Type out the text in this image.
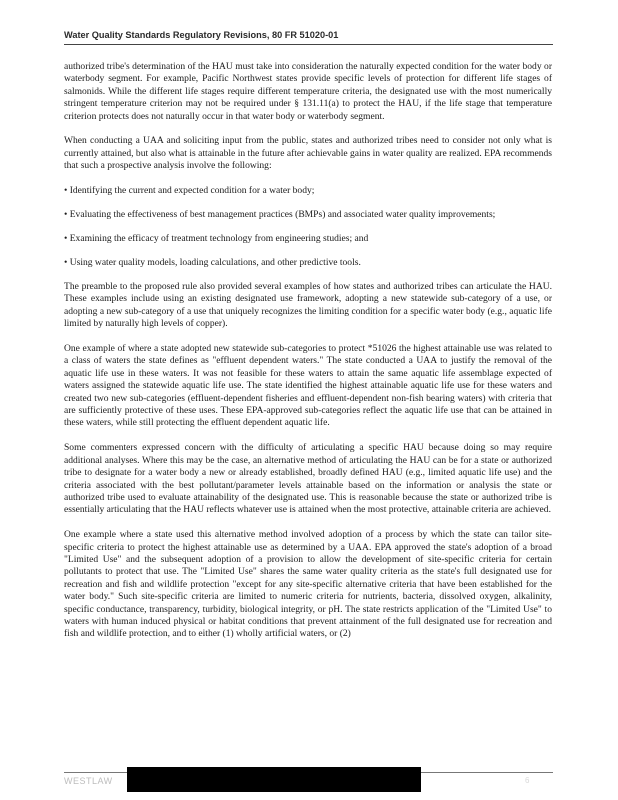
Water Quality Standards Regulatory Revisions, 80 FR 51020-01

authorized tribe's determination of the HAU must take into consideration the naturally expected condition for the water body or waterbody segment. For example, Pacific Northwest states provide specific levels of protection for different life stages of salmonids. While the different life stages require different temperature criteria, the designated use with the most numerically stringent temperature criterion may not be required under § 131.11(a) to protect the HAU, if the life stage that temperature criterion protects does not naturally occur in that water body or waterbody segment.

When conducting a UAA and soliciting input from the public, states and authorized tribes need to consider not only what is currently attained, but also what is attainable in the future after achievable gains in water quality are realized. EPA recommends that such a prospective analysis involve the following:

• Identifying the current and expected condition for a water body;

• Evaluating the effectiveness of best management practices (BMPs) and associated water quality improvements;

• Examining the efficacy of treatment technology from engineering studies; and

• Using water quality models, loading calculations, and other predictive tools.

The preamble to the proposed rule also provided several examples of how states and authorized tribes can articulate the HAU. These examples include using an existing designated use framework, adopting a new statewide sub-category of a use, or adopting a new sub-category of a use that uniquely recognizes the limiting condition for a specific water body (e.g., aquatic life limited by naturally high levels of copper).

One example of where a state adopted new statewide sub-categories to protect *51026 the highest attainable use was related to a class of waters the state defines as "effluent dependent waters." The state conducted a UAA to justify the removal of the aquatic life use in these waters. It was not feasible for these waters to attain the same aquatic life assemblage expected of waters assigned the statewide aquatic life use. The state identified the highest attainable aquatic life use for these waters and created two new sub-categories (effluent-dependent fisheries and effluent-dependent non-fish bearing waters) with criteria that are sufficiently protective of these uses. These EPA-approved sub-categories reflect the aquatic life use that can be attained in these waters, while still protecting the effluent dependent aquatic life.

Some commenters expressed concern with the difficulty of articulating a specific HAU because doing so may require additional analyses. Where this may be the case, an alternative method of articulating the HAU can be for a state or authorized tribe to designate for a water body a new or already established, broadly defined HAU (e.g., limited aquatic life use) and the criteria associated with the best pollutant/parameter levels attainable based on the information or analysis the state or authorized tribe used to evaluate attainability of the designated use. This is reasonable because the state or authorized tribe is essentially articulating that the HAU reflects whatever use is attained when the most protective, attainable criteria are achieved.

One example where a state used this alternative method involved adoption of a process by which the state can tailor site-specific criteria to protect the highest attainable use as determined by a UAA. EPA approved the state's adoption of a broad "Limited Use" and the subsequent adoption of a provision to allow the development of site-specific criteria for certain pollutants to protect that use. The "Limited Use" shares the same water quality criteria as the state's full designated use for recreation and fish and wildlife protection "except for any site-specific alternative criteria that have been established for the water body." Such site-specific criteria are limited to numeric criteria for nutrients, bacteria, dissolved oxygen, alkalinity, specific conductance, transparency, turbidity, biological integrity, or pH. The state restricts application of the "Limited Use" to waters with human induced physical or habitat conditions that prevent attainment of the full designated use for recreation and fish and wildlife protection, and to either (1) wholly artificial waters, or (2)

WESTLAW	6
